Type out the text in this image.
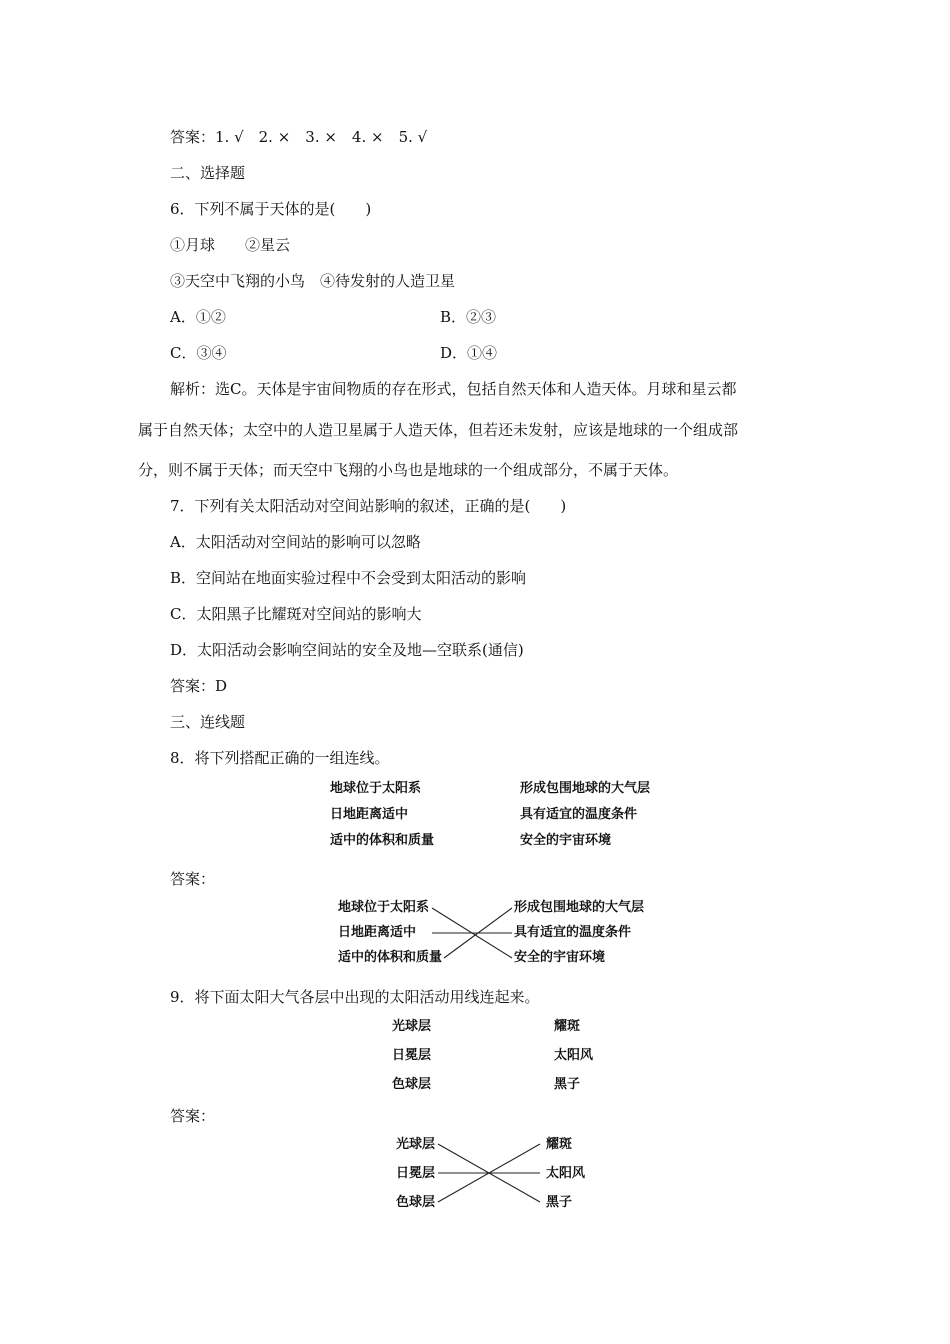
答案：1. √　2. ×　3. ×　4. ×　5. √
二、选择题
6．下列不属于天体的是(　　)
①月球　　②星云
③天空中飞翔的小鸟　④待发射的人造卫星
A．①②	B．②③
C．③④	D．①④
解析：选C。天体是宇宙间物质的存在形式，包括自然天体和人造天体。月球和星云都
属于自然天体；太空中的人造卫星属于人造天体，但若还未发射，应该是地球的一个组成部
分，则不属于天体；而天空中飞翔的小鸟也是地球的一个组成部分，不属于天体。
7．下列有关太阳活动对空间站影响的叙述，正确的是(　　)
A．太阳活动对空间站的影响可以忽略
B．空间站在地面实验过程中不会受到太阳活动的影响
C．太阳黑子比耀斑对空间站的影响大
D．太阳活动会影响空间站的安全及地—空联系(通信)
答案：D
三、连线题
8．将下列搭配正确的一组连线。
地球位于太阳系
日地距离适中
适中的体积和质量
形成包围地球的大气层
具有适宜的温度条件
安全的宇宙环境
答案：
地球位于太阳系
日地距离适中
适中的体积和质量
形成包围地球的大气层
具有适宜的温度条件
安全的宇宙环境
9．将下面太阳大气各层中出现的太阳活动用线连起来。
光球层
日冕层
色球层
耀斑
太阳风
黑子
答案：
光球层
日冕层
色球层
耀斑
太阳风
黑子
